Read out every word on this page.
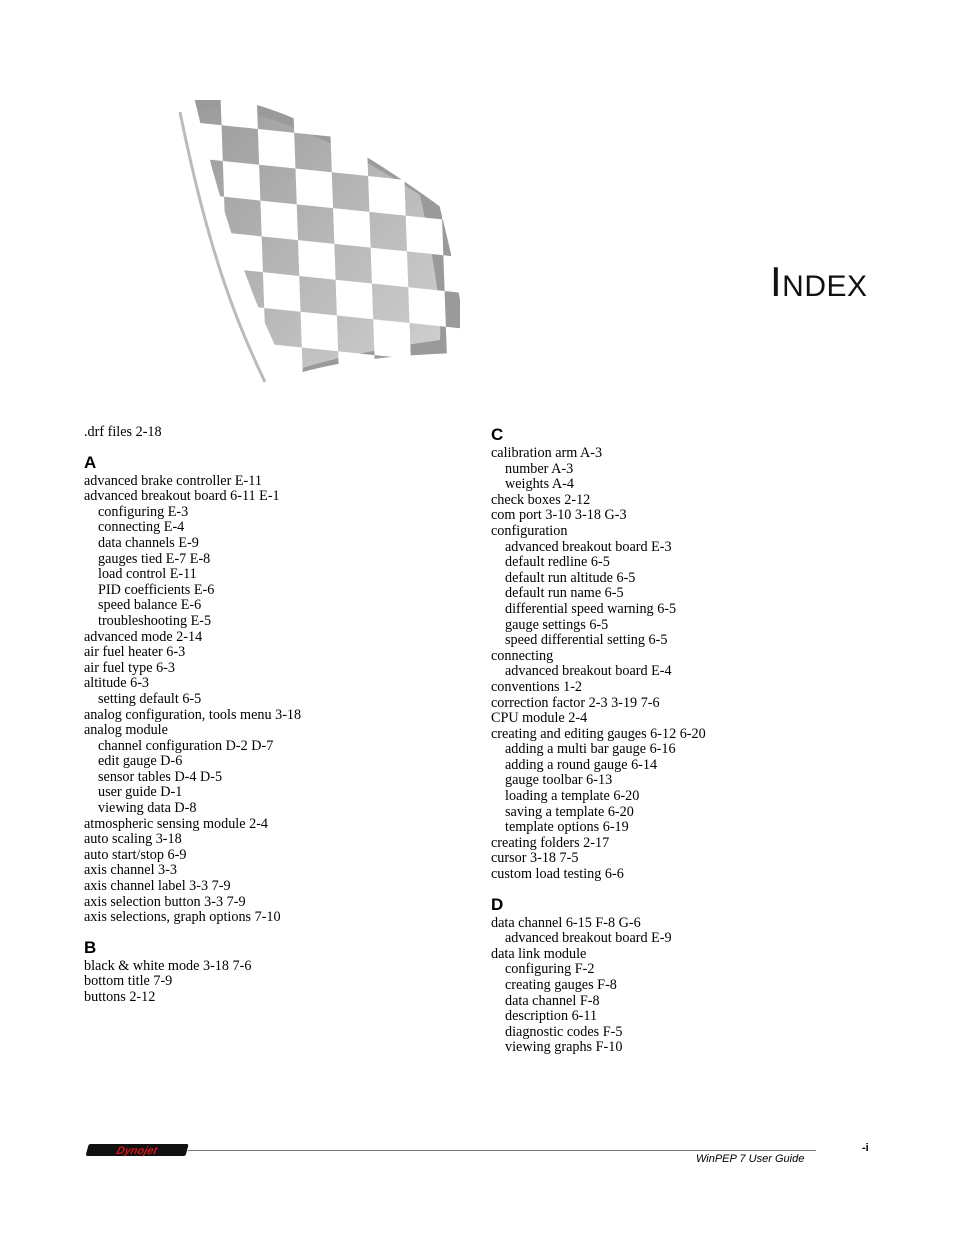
INDEX
.drf files 2-18
A
advanced brake controller E-11
advanced breakout board 6-11 E-1
configuring E-3
connecting E-4
data channels E-9
gauges tied E-7 E-8
load control E-11
PID coefficients E-6
speed balance E-6
troubleshooting E-5
advanced mode 2-14
air fuel heater 6-3
air fuel type 6-3
altitude 6-3
setting default 6-5
analog configuration, tools menu 3-18
analog module
channel configuration D-2 D-7
edit gauge D-6
sensor tables D-4 D-5
user guide D-1
viewing data D-8
atmospheric sensing module 2-4
auto scaling 3-18
auto start/stop 6-9
axis channel 3-3
axis channel label 3-3 7-9
axis selection button 3-3 7-9
axis selections, graph options 7-10
B
black & white mode 3-18 7-6
bottom title 7-9
buttons 2-12
C
calibration arm A-3
number A-3
weights A-4
check boxes 2-12
com port 3-10 3-18 G-3
configuration
advanced breakout board E-3
default redline 6-5
default run altitude 6-5
default run name 6-5
differential speed warning 6-5
gauge settings 6-5
speed differential setting 6-5
connecting
advanced breakout board E-4
conventions 1-2
correction factor 2-3 3-19 7-6
CPU module 2-4
creating and editing gauges 6-12 6-20
adding a multi bar gauge 6-16
adding a round gauge 6-14
gauge toolbar 6-13
loading a template 6-20
saving a template 6-20
template options 6-19
creating folders 2-17
cursor 3-18 7-5
custom load testing 6-6
D
data channel 6-15 F-8 G-6
advanced breakout board E-9
data link module
configuring F-2
creating gauges F-8
data channel F-8
description 6-11
diagnostic codes F-5
viewing graphs F-10
Dynojet	-i
WinPEP 7 User Guide
